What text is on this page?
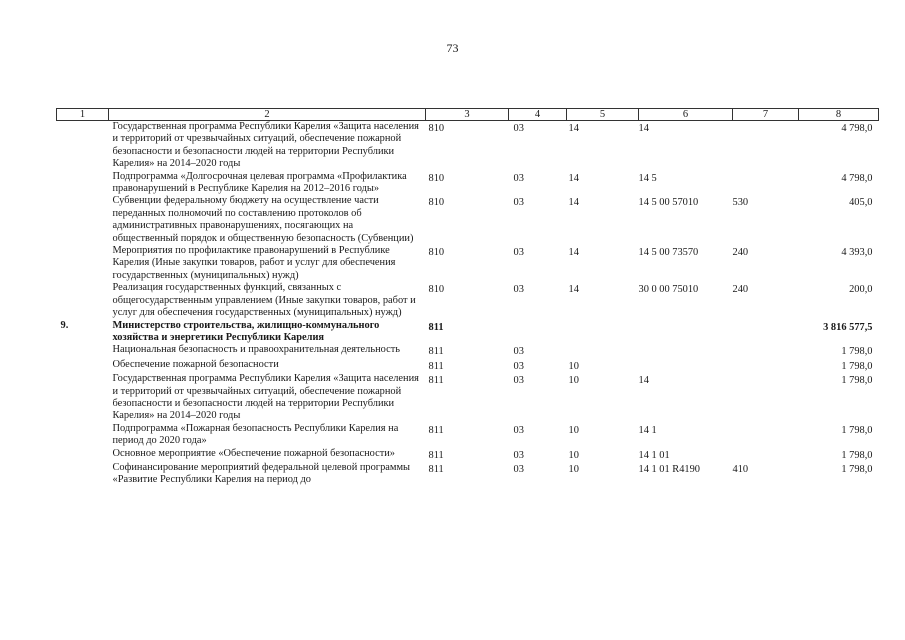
73
1	2	3	4	5	6	7	8
	Государственная программа Республики Карелия «Защита населения и территорий от чрезвычайных ситуаций, обеспечение пожарной безопасности и безопасности людей на территории Республики Карелия» на 2014–2020 годы	810	03	14	14		4 798,0
	Подпрограмма «Долгосрочная целевая программа «Профилактика правонарушений в Республике Карелия на 2012–2016 годы»	810	03	14	14 5		4 798,0
	Субвенции федеральному бюджету на осуществление части переданных полномочий по составлению протоколов об административных правонарушениях, посягающих на общественный порядок и общественную безопасность (Субвенции)	810	03	14	14 5 00 57010	530	405,0
	Мероприятия по профилактике правонарушений в Республике Карелия (Иные закупки товаров, работ и услуг для обеспечения государственных (муниципальных) нужд)	810	03	14	14 5 00 73570	240	4 393,0
	Реализация государственных функций, связанных с общегосударственным управлением (Иные закупки товаров, работ и услуг для обеспечения государственных (муниципальных) нужд)	810	03	14	30 0 00 75010	240	200,0
9.	Министерство строительства, жилищно-коммунального хозяйства и энергетики Республики Карелия	811					3 816 577,5
	Национальная безопасность и правоохранительная деятельность	811	03				1 798,0
	Обеспечение пожарной безопасности	811	03	10			1 798,0
	Государственная программа Республики Карелия «Защита населения и территорий от чрезвычайных ситуаций, обеспечение пожарной безопасности и безопасности людей на территории Республики Карелия» на 2014–2020 годы	811	03	10	14		1 798,0
	Подпрограмма «Пожарная безопасность Республики Карелия на период до 2020 года»	811	03	10	14 1		1 798,0
	Основное мероприятие «Обеспечение пожарной безопасности»	811	03	10	14 1 01		1 798,0
	Софинансирование мероприятий федеральной целевой программы «Развитие Республики Карелия на период до	811	03	10	14 1 01 R4190	410	1 798,0
